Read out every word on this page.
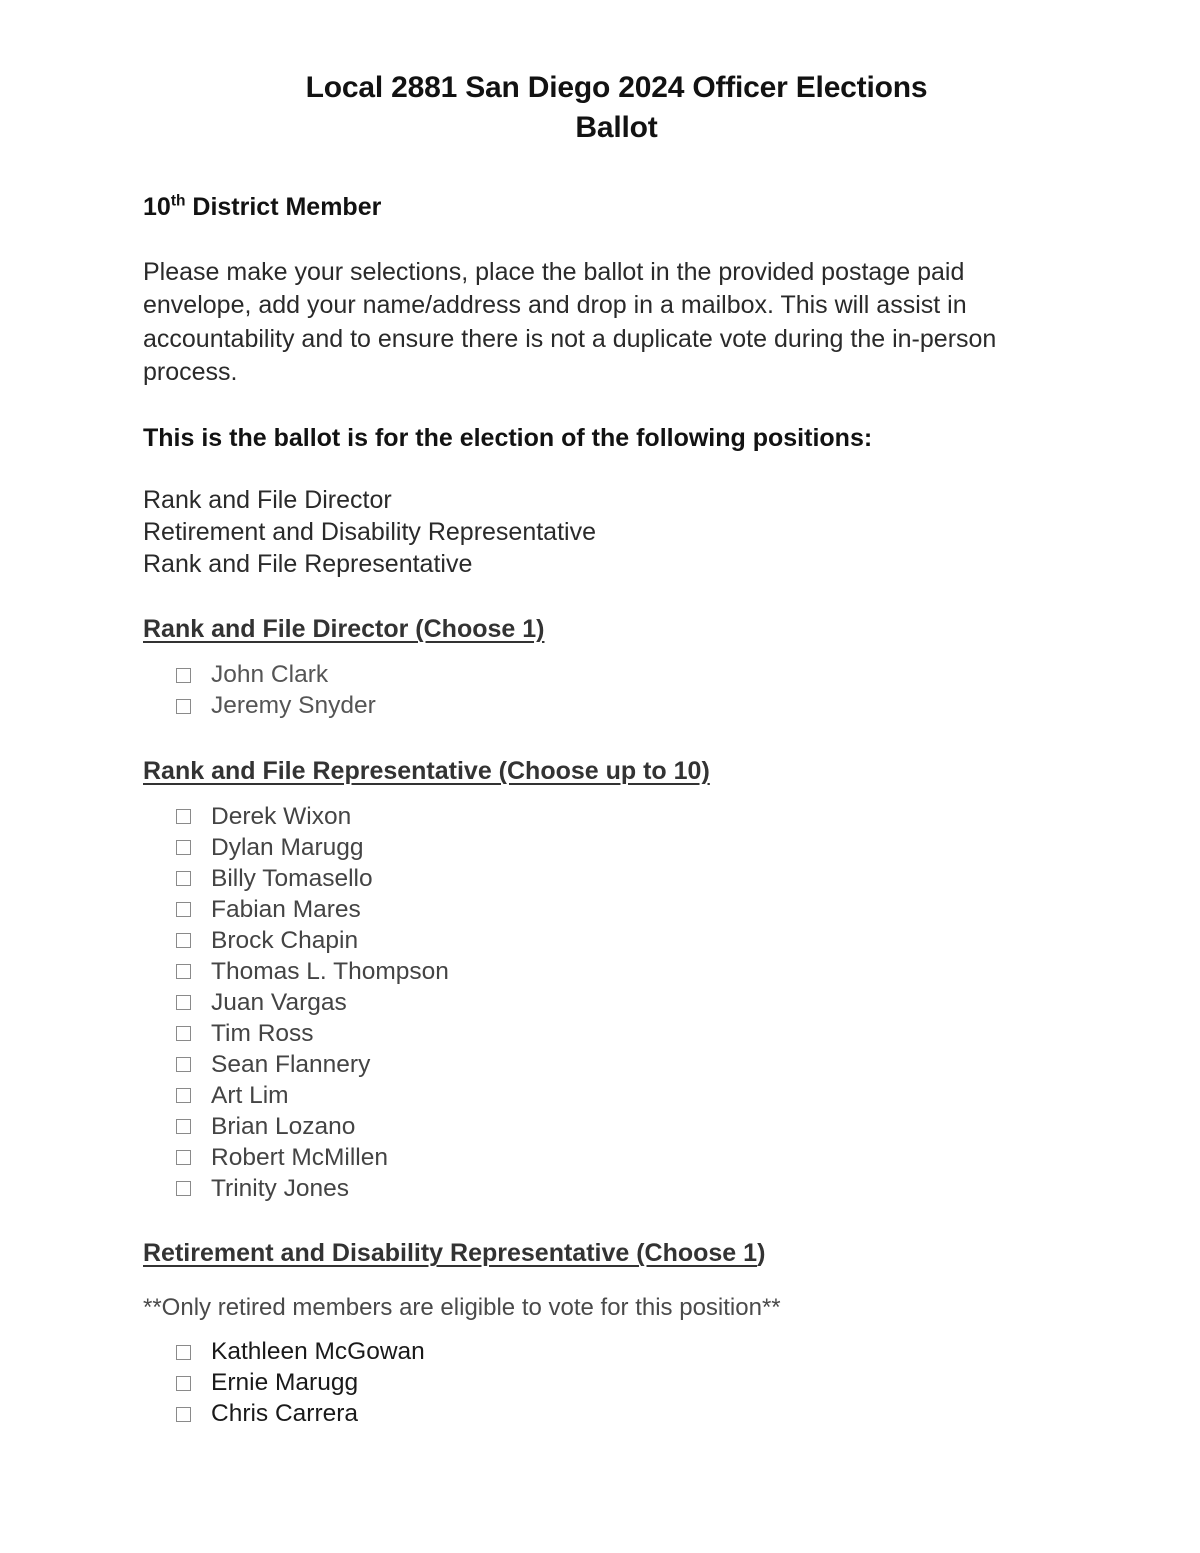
Local 2881 San Diego 2024 Officer Elections
Ballot
10th District Member

Please make your selections, place the ballot in the provided postage paid envelope, add your name/address and drop in a mailbox. This will assist in accountability and to ensure there is not a duplicate vote during the in-person process.

This is the ballot is for the election of the following positions:

Rank and File Director
Retirement and Disability Representative
Rank and File Representative
Rank and File Director (Choose 1)
John Clark
Jeremy Snyder
Rank and File Representative (Choose up to 10)
Derek Wixon
Dylan Marugg
Billy Tomasello
Fabian Mares
Brock Chapin
Thomas L. Thompson
Juan Vargas
Tim Ross
Sean Flannery
Art Lim
Brian Lozano
Robert McMillen
Trinity Jones
Retirement and Disability Representative (Choose 1)

**Only retired members are eligible to vote for this position**

Kathleen McGowan
Ernie Marugg
Chris Carrera
